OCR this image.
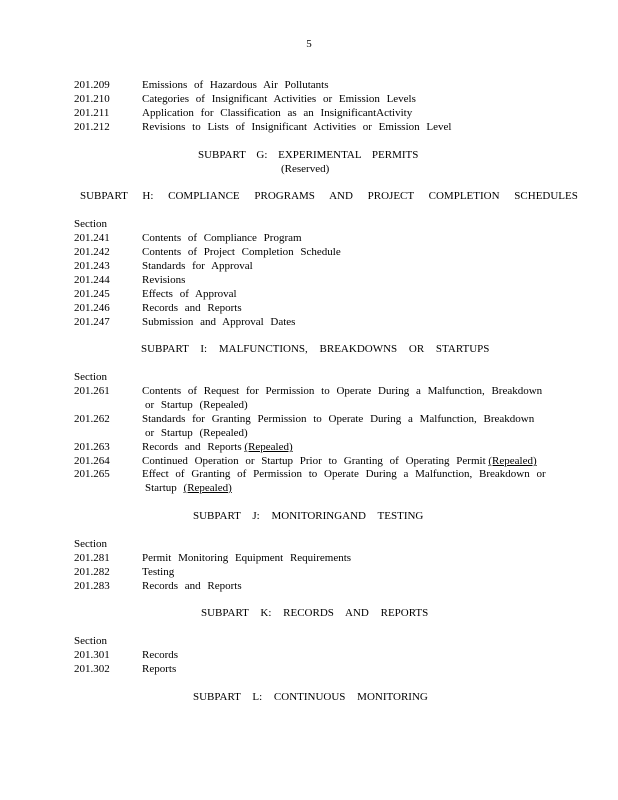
5
201.209	Emissions of Hazardous Air Pollutants
201.210	Categories of Insignificant Activities or Emission Levels
201.211	Application for Classification as an InsignificantActivity
201.212	Revisions to Lists of Insignificant Activities or Emission Level
SUBPART G: EXPERIMENTAL PERMITS
(Reserved)
SUBPART H: COMPLIANCE PROGRAMS AND PROJECT COMPLETION SCHEDULES
Section
201.241	Contents of Compliance Program
201.242	Contents of Project Completion Schedule
201.243	Standards for Approval
201.244	Revisions
201.245	Effects of Approval
201.246	Records and Reports
201.247	Submission and Approval Dates
SUBPART I: MALFUNCTIONS, BREAKDOWNS OR STARTUPS
Section
201.261	Contents of Request for Permission to Operate During a Malfunction, Breakdown
or Startup (Repealed)
201.262	Standards for Granting Permission to Operate During a Malfunction, Breakdown
or Startup (Repealed)
201.263	Records and Reports (Repealed)
201.264	Continued Operation or Startup Prior to Granting of Operating Permit (Repealed)
201.265	Effect of Granting of Permission to Operate During a Malfunction, Breakdown or
Startup (Repealed)
SUBPART J: MONITORINGAND TESTING
Section
201.281	Permit Monitoring Equipment Requirements
201.282	Testing
201.283	Records and Reports
SUBPART K: RECORDS AND REPORTS
Section
201.301	Records
201.302	Reports
SUBPART L: CONTINUOUS MONITORING
